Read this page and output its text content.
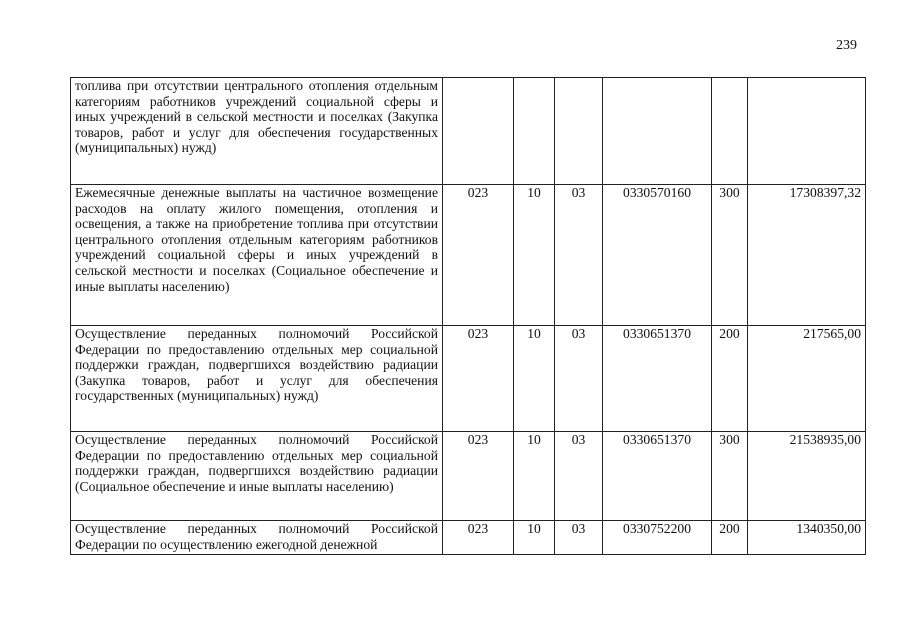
239
топлива при отсутствии центрального отопления отдельным категориям работников учреждений социальной сферы и иных учреждений в сельской местности и поселках (Закупка товаров, работ и услуг для обеспечения государственных (муниципальных) нужд)						
Ежемесячные денежные выплаты на частичное возмещение расходов на оплату жилого помещения, отопления и освещения, а также на приобретение топлива при отсутствии центрального отопления отдельным категориям работников учреждений социальной сферы и иных учреждений в сельской местности и поселках (Социальное обеспечение и иные выплаты населению)	023	10	03	0330570160	300	17308397,32
Осуществление переданных полномочий Российской Федерации по предоставлению отдельных мер социальной поддержки граждан, подвергшихся воздействию радиации (Закупка товаров, работ и услуг для обеспечения государственных (муниципальных) нужд)	023	10	03	0330651370	200	217565,00
Осуществление переданных полномочий Российской Федерации по предоставлению отдельных мер социальной поддержки граждан, подвергшихся воздействию радиации (Социальное обеспечение и иные выплаты населению)	023	10	03	0330651370	300	21538935,00
Осуществление переданных полномочий Российской Федерации по осуществлению ежегодной денежной	023	10	03	0330752200	200	1340350,00
